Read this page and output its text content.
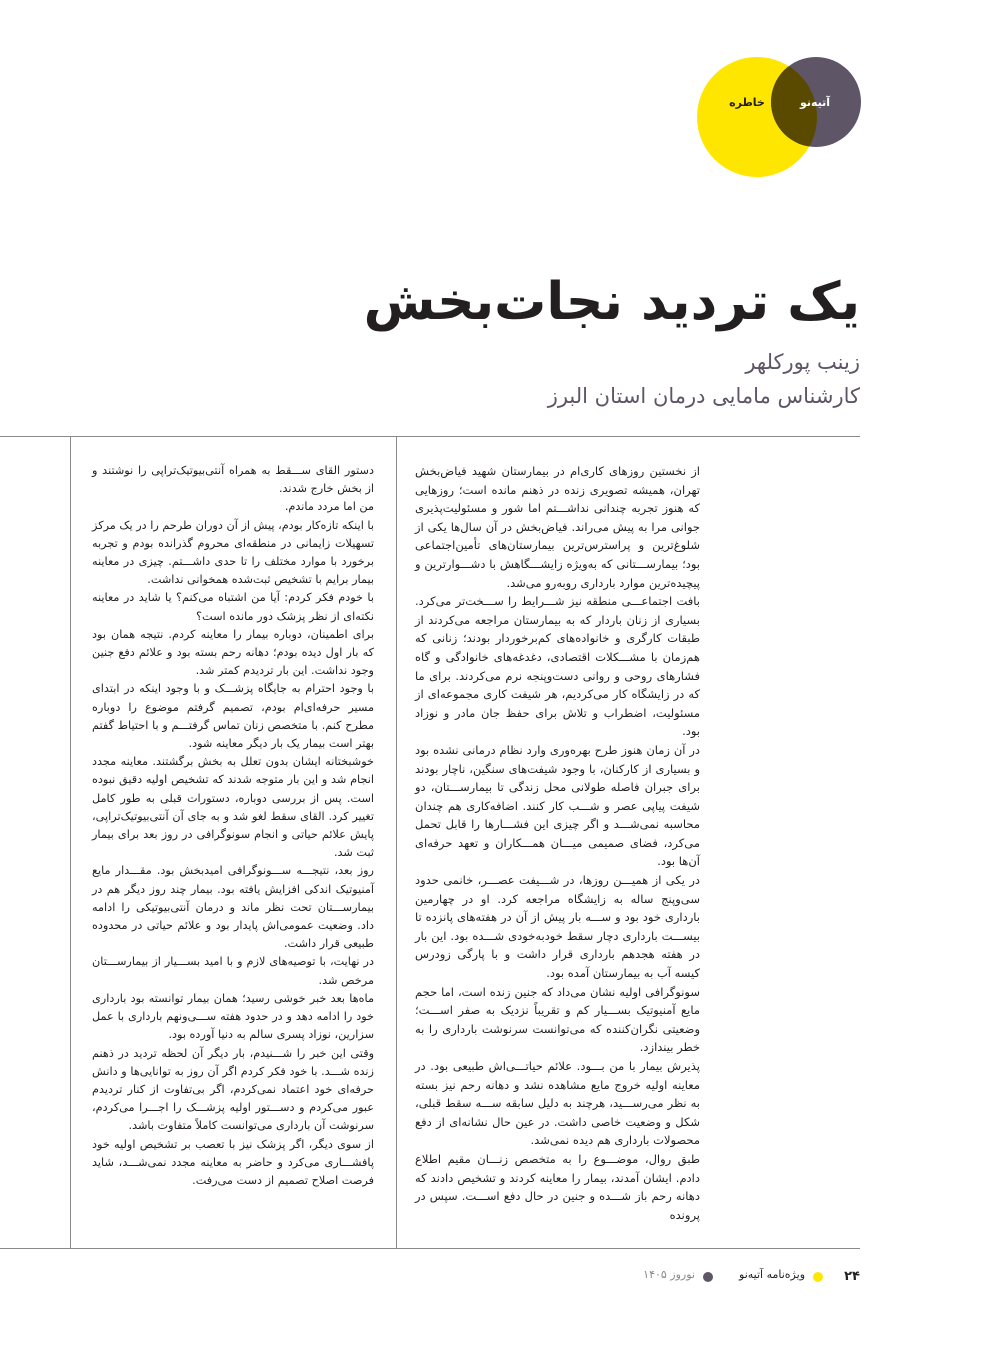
آتیه‌نو
خاطره
یک تردید نجات‌بخش
زینب پورکلهر
کارشناس مامایی درمان استان البرز

از نخستین روزهای کاری‌ام در بیمارستان شهید فیاض‌بخش تهران، همیشه تصویری زنده در ذهنم مانده است؛ روزهایی که هنوز تجربه چندانی نداشـــتم اما شور و مسئولیت‌پذیری جوانی مرا به پیش می‌راند. فیاض‌بخش در آن سال‌ها یکی از شلوغ‌ترین و پراسترس‌ترین بیمارستان‌های تأمین‌اجتماعی بود؛ بیمارســـتانی که به‌ویژه زایشـــگاهش با دشـــوارترین و پیچیده‌ترین موارد بارداری روبه‌رو می‌شد.

بافت اجتماعـــی منطقه نیز شـــرایط را ســـخت‌تر می‌کرد. بسیاری از زنان باردار که به بیمارستان مراجعه می‌کردند از طبقات کارگری و خانواده‌های کم‌برخوردار بودند؛ زنانی که هم‌زمان با مشـــکلات اقتصادی، دغدغه‌های خانوادگی و گاه فشارهای روحی و روانی دست‌وپنجه نرم می‌کردند. برای ما که در زایشگاه کار می‌کردیم، هر شیفت کاری مجموعه‌ای از مسئولیت، اضطراب و تلاش برای حفظ جان مادر و نوزاد بود.

در آن زمان هنوز طرح بهره‌وری وارد نظام درمانی نشده بود و بسیاری از کارکنان، با وجود شیفت‌های سنگین، ناچار بودند برای جبران فاصله طولانی محل زندگی تا بیمارســـتان، دو شیفت پیاپی عصر و شـــب کار کنند. اضافه‌کاری هم چندان محاسبه نمی‌شـــد و اگر چیزی این فشـــارها را قابل تحمل می‌کرد، فضای صمیمی میـــان همـــکاران و تعهد حرفه‌ای آن‌ها بود.

در یکی از همیـــن روزها، در شـــیفت عصـــر، خانمی حدود سی‌وپنج ساله به زایشگاه مراجعه کرد. او در چهارمین بارداری خود بود و ســـه بار پیش از آن در هفته‌های پانزده تا بیســـت بارداری دچار سقط خودبه‌خودی شـــده بود. این بار در هفته هجدهم بارداری قرار داشت و با پارگی زودرس کیسه آب به بیمارستان آمده بود.

سونوگرافی اولیه نشان می‌داد که جنین زنده است، اما حجم مایع آمنیوتیک بســـیار کم و تقریباً نزدیک به صفر اســـت؛ وضعیتی نگران‌کننده که می‌توانست سرنوشت بارداری را به خطر بیندازد.

پذیرش بیمار با من بـــود. علائم حیاتـــی‌اش طبیعی بود. در معاینه اولیه خروج مایع مشاهده نشد و دهانه رحم نیز بسته به نظر می‌رســـید، هرچند به دلیل سابقه ســـه سقط قبلی، شکل و وضعیت خاصی داشت. در عین حال نشانه‌ای از دفع محصولات بارداری هم دیده نمی‌شد.

طبق روال، موضـــوع را به متخصص زنـــان مقیم اطلاع دادم. ایشان آمدند، بیمار را معاینه کردند و تشخیص دادند که دهانه رحم باز شـــده و جنین در حال دفع اســـت. سپس در پرونده

دستور القای ســـقط به همراه آنتی‌بیوتیک‌تراپی را نوشتند و از بخش خارج شدند.

من اما مردد ماندم.

با اینکه تازه‌کار بودم، پیش از آن دوران طرحم را در یک مرکز تسهیلات زایمانی در منطقه‌ای محروم گذرانده بودم و تجربه برخورد با موارد مختلف را تا حدی داشـــتم. چیزی در معاینه بیمار برایم با تشخیص ثبت‌شده همخوانی نداشت.

با خودم فکر کردم: آیا من اشتباه می‌کنم؟ یا شاید در معاینه نکته‌ای از نظر پزشک دور مانده است؟

برای اطمینان، دوباره بیمار را معاینه کردم. نتیجه همان بود که بار اول دیده بودم؛ دهانه رحم بسته بود و علائم دفع جنین وجود نداشت. این بار تردیدم کمتر شد.

با وجود احترام به جایگاه پزشـــک و با وجود اینکه در ابتدای مسیر حرفه‌ای‌ام بودم، تصمیم گرفتم موضوع را دوباره مطرح کنم. با متخصص زنان تماس گرفتـــم و با احتیاط گفتم بهتر است بیمار یک بار دیگر معاینه شود.

خوشبختانه ایشان بدون تعلل به بخش برگشتند. معاینه مجدد انجام شد و این بار متوجه شدند که تشخیص اولیه دقیق نبوده است. پس از بررسی دوباره، دستورات قبلی به طور کامل تغییر کرد. القای سقط لغو شد و به جای آن آنتی‌بیوتیک‌تراپی، پایش علائم حیاتی و انجام سونوگرافی در روز بعد برای بیمار ثبت شد.

روز بعد، نتیجـــه ســـونوگرافی امیدبخش بود. مقـــدار مایع آمنیوتیک اندکی افزایش یافته بود. بیمار چند روز دیگر هم در بیمارســـتان تحت نظر ماند و درمان آنتی‌بیوتیکی را ادامه داد. وضعیت عمومی‌اش پایدار بود و علائم حیاتی در محدوده طبیعی قرار داشت.

در نهایت، با توصیه‌های لازم و با امید بســـیار از بیمارســـتان مرخص شد.

ماه‌ها بعد خبر خوشی رسید؛ همان بیمار توانسته بود بارداری خود را ادامه دهد و در حدود هفته ســـی‌ونهم بارداری با عمل سزارین، نوزاد پسری سالم به دنیا آورده بود.

وقتی این خبر را شـــنیدم، بار دیگر آن لحظه تردید در ذهنم زنده شـــد. با خود فکر کردم اگر آن روز به توانایی‌ها و دانش حرفه‌ای خود اعتماد نمی‌کردم، اگر بی‌تفاوت از کنار تردیدم عبور می‌کردم و دســـتور اولیه پزشـــک را اجـــرا می‌کردم، سرنوشت آن بارداری می‌توانست کاملاً متفاوت باشد.

از سوی دیگر، اگر پزشک نیز با تعصب بر تشخیص اولیه خود پافشـــاری می‌کرد و حاضر به معاینه مجدد نمی‌شـــد، شاید فرصت اصلاح تصمیم از دست می‌رفت.

۲۴
ویژه‌نامه آتیه‌نو
نوروز ۱۴۰۵
